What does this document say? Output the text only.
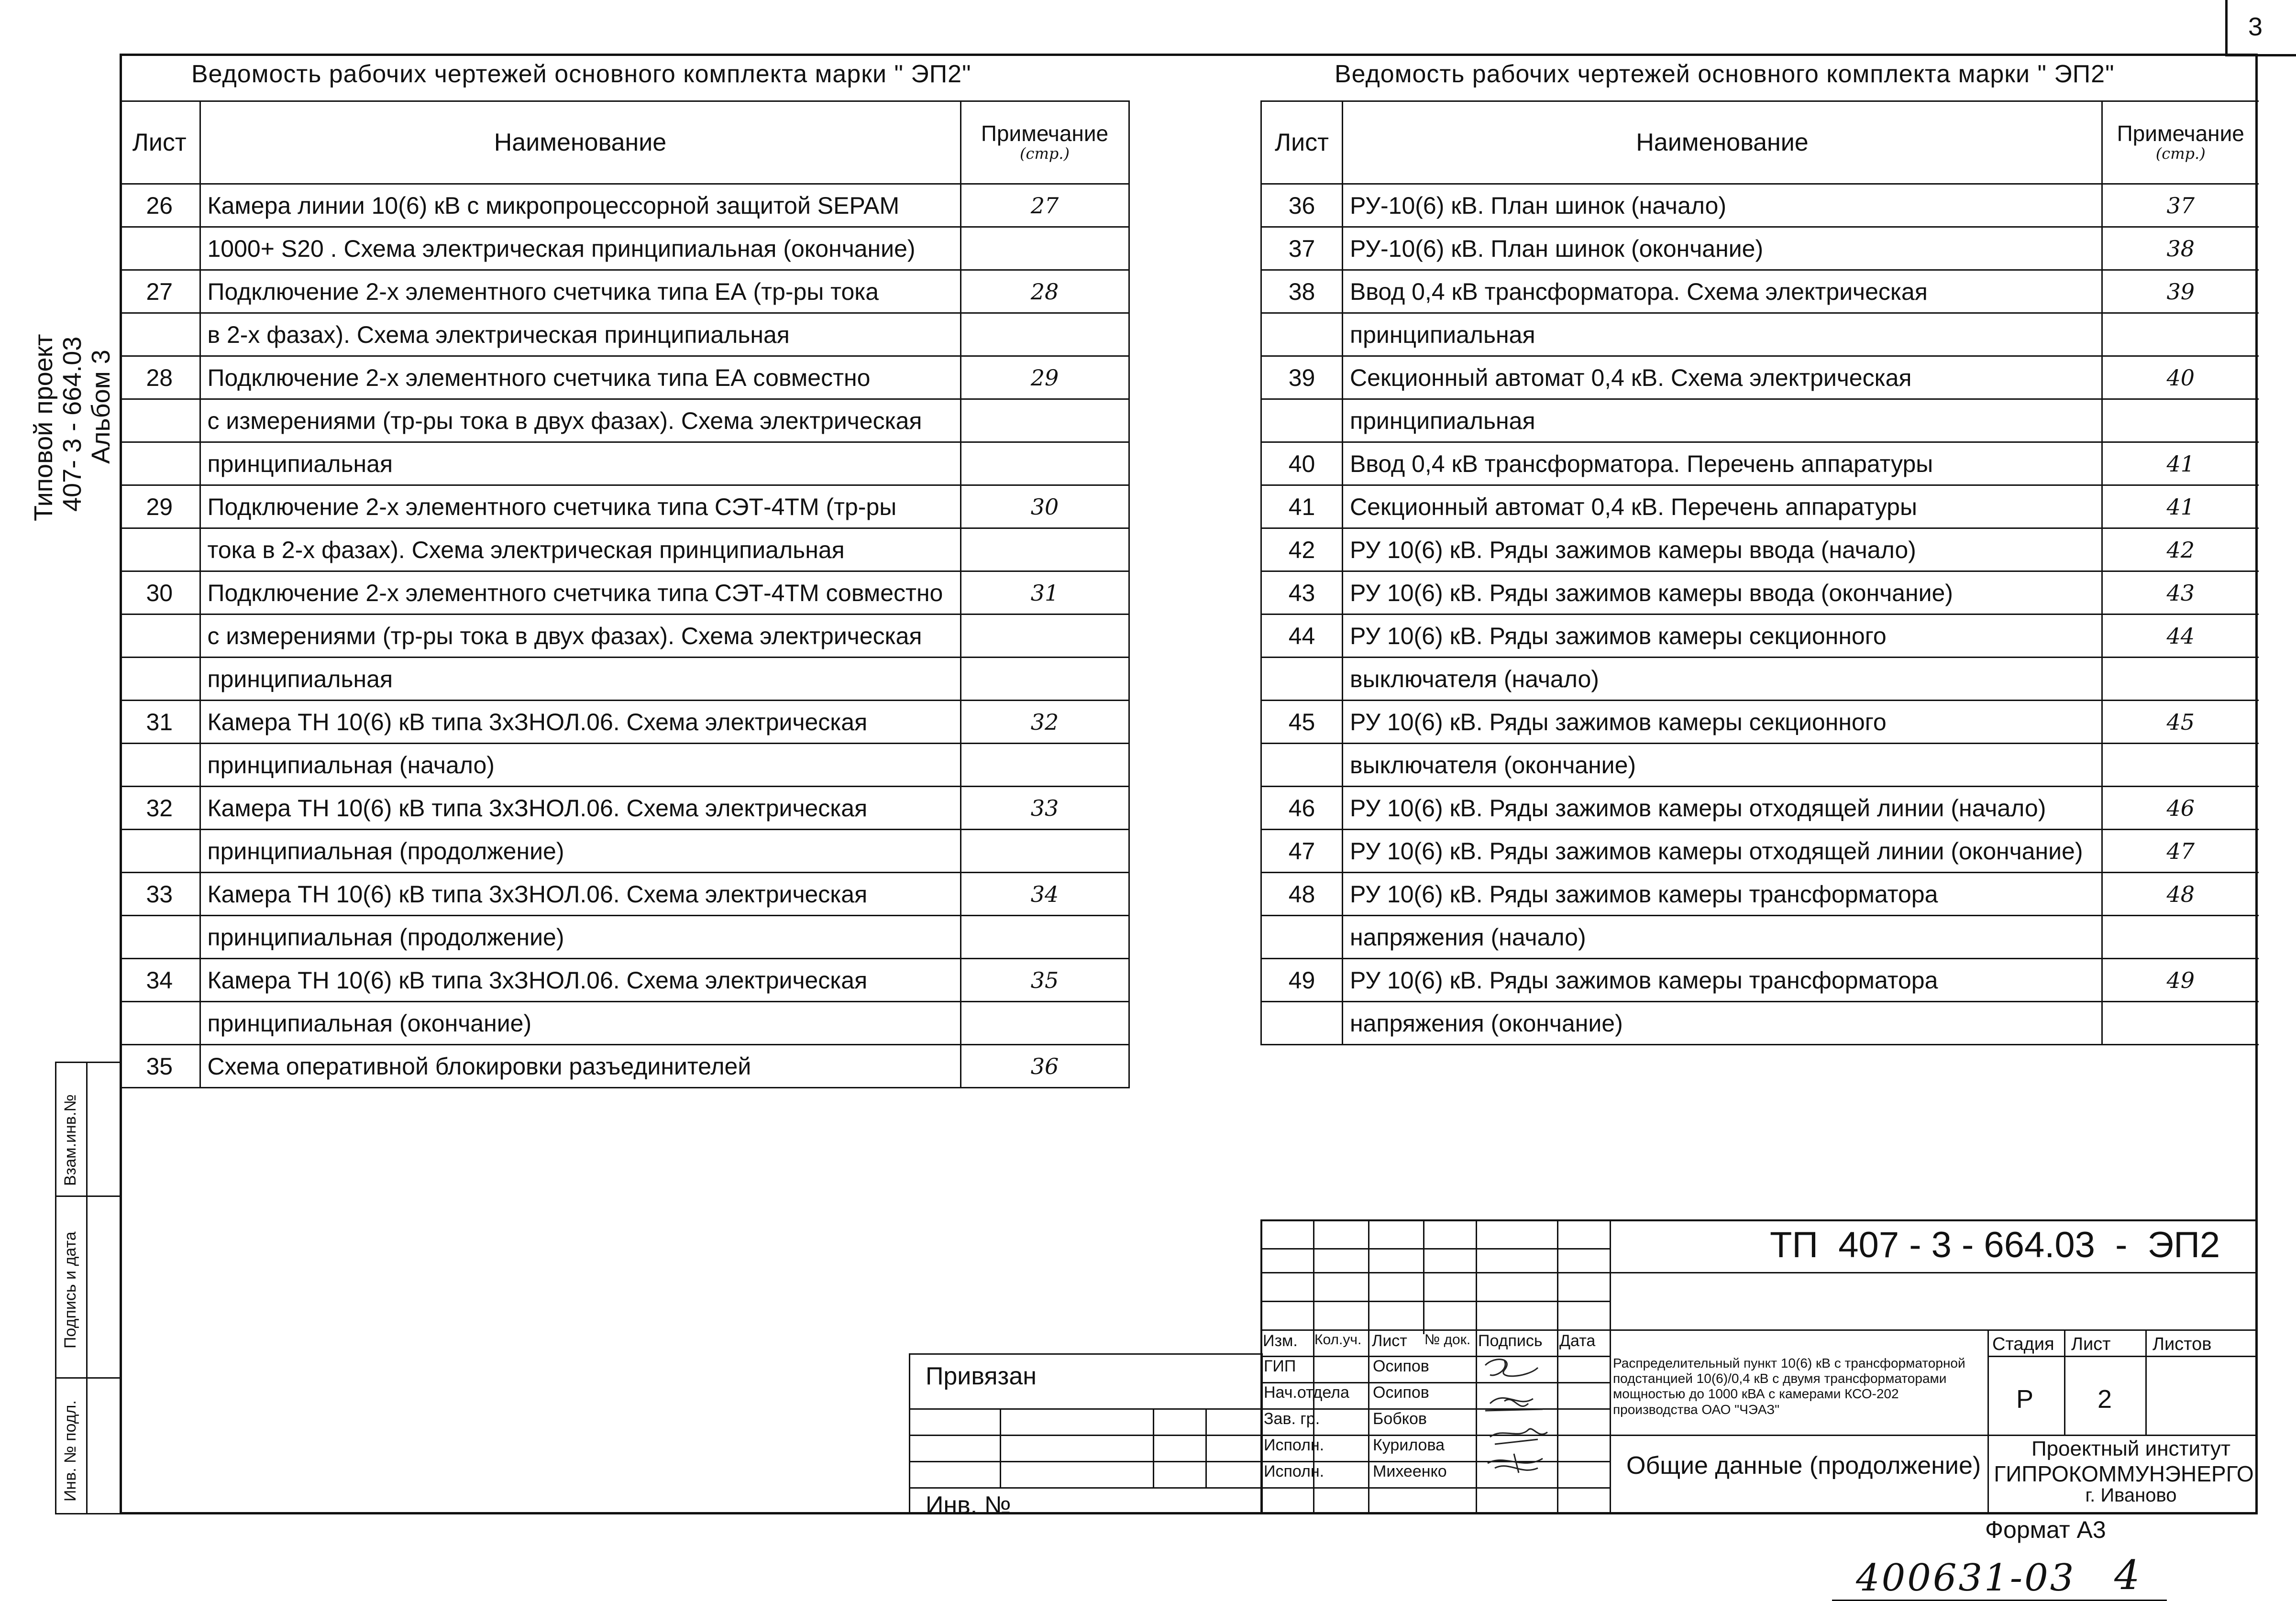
3
Типовой проект 407- 3 - 664.03 Альбом 3
Взам.инв.№
Подпись и дата
Инв. № подл.
Ведомость рабочих чертежей основного комплекта марки " ЭП2"
Лист	Наименование	Примечание
(стр.)

26	Камера линии 10(6) кВ с микропроцессорной защитой SEPAM	27
	1000+ S20 . Схема электрическая принципиальная (окончание)	
27	Подключение 2-х элементного счетчика типа ЕА (тр-ры тока	28
	в 2-х фазах). Схема электрическая принципиальная	
28	Подключение 2-х элементного счетчика типа ЕА совместно	29
	с измерениями (тр-ры тока в двух фазах). Схема электрическая	
	принципиальная	
29	Подключение 2-х элементного счетчика типа СЭТ-4ТМ (тр-ры	30
	тока в 2-х фазах). Схема электрическая принципиальная	
30	Подключение 2-х элементного счетчика типа СЭТ-4ТМ совместно	31
	с измерениями (тр-ры тока в двух фазах). Схема электрическая	
	принципиальная	
31	Камера ТН 10(6) кВ типа 3хЗНОЛ.06. Схема электрическая	32
	принципиальная (начало)	
32	Камера ТН 10(6) кВ типа 3хЗНОЛ.06. Схема электрическая	33
	принципиальная (продолжение)	
33	Камера ТН 10(6) кВ типа 3хЗНОЛ.06. Схема электрическая	34
	принципиальная (продолжение)	
34	Камера ТН 10(6) кВ типа 3хЗНОЛ.06. Схема электрическая	35
	принципиальная (окончание)	
35	Схема оперативной блокировки разъединителей	36
Ведомость рабочих чертежей основного комплекта марки " ЭП2"
Лист	Наименование	Примечание
(стр.)

36	РУ-10(6) кВ. План шинок (начало)	37
37	РУ-10(6) кВ. План шинок (окончание)	38
38	Ввод 0,4 кВ трансформатора. Схема электрическая	39
	принципиальная	
39	Секционный автомат 0,4 кВ. Схема электрическая	40
	принципиальная	
40	Ввод 0,4 кВ трансформатора. Перечень аппаратуры	41
41	Секционный автомат 0,4 кВ. Перечень аппаратуры	41
42	РУ 10(6) кВ. Ряды зажимов камеры ввода (начало)	42
43	РУ 10(6) кВ. Ряды зажимов камеры ввода (окончание)	43
44	РУ 10(6) кВ. Ряды зажимов камеры секционного	44
	выключателя (начало)	
45	РУ 10(6) кВ. Ряды зажимов камеры секционного	45
	выключателя (окончание)	
46	РУ 10(6) кВ. Ряды зажимов камеры отходящей линии (начало)	46
47	РУ 10(6) кВ. Ряды зажимов камеры отходящей линии (окончание)	47
48	РУ 10(6) кВ. Ряды зажимов камеры трансформатора	48
	напряжения (начало)	
49	РУ 10(6) кВ. Ряды зажимов камеры трансформатора	49
	напряжения (окончание)	
Изм. Кол.уч. Лист № док. Подпись Дата
ГИП	Осипов
Нач.отдела Осипов
Зав. гр.	Бобков
Исполн.	Курилова
Исполн.	Михеенко
ТП  407 - 3 - 664.03  -  ЭП2
Распределительный пункт 10(6) кВ с трансформаторной подстанцией 10(6)/0,4 кВ с двумя трансформаторами мощностью до 1000 кВА с камерами КСО-202 производства ОАО "ЧЭАЗ"
Стадия Лист Листов
Р 2
Общие данные (продолжение)
Проектный институт
ГИПРОКОММУНЭНЕРГО
г. Иваново
Привязан
Инв. №
Формат А3
400631-03 4
